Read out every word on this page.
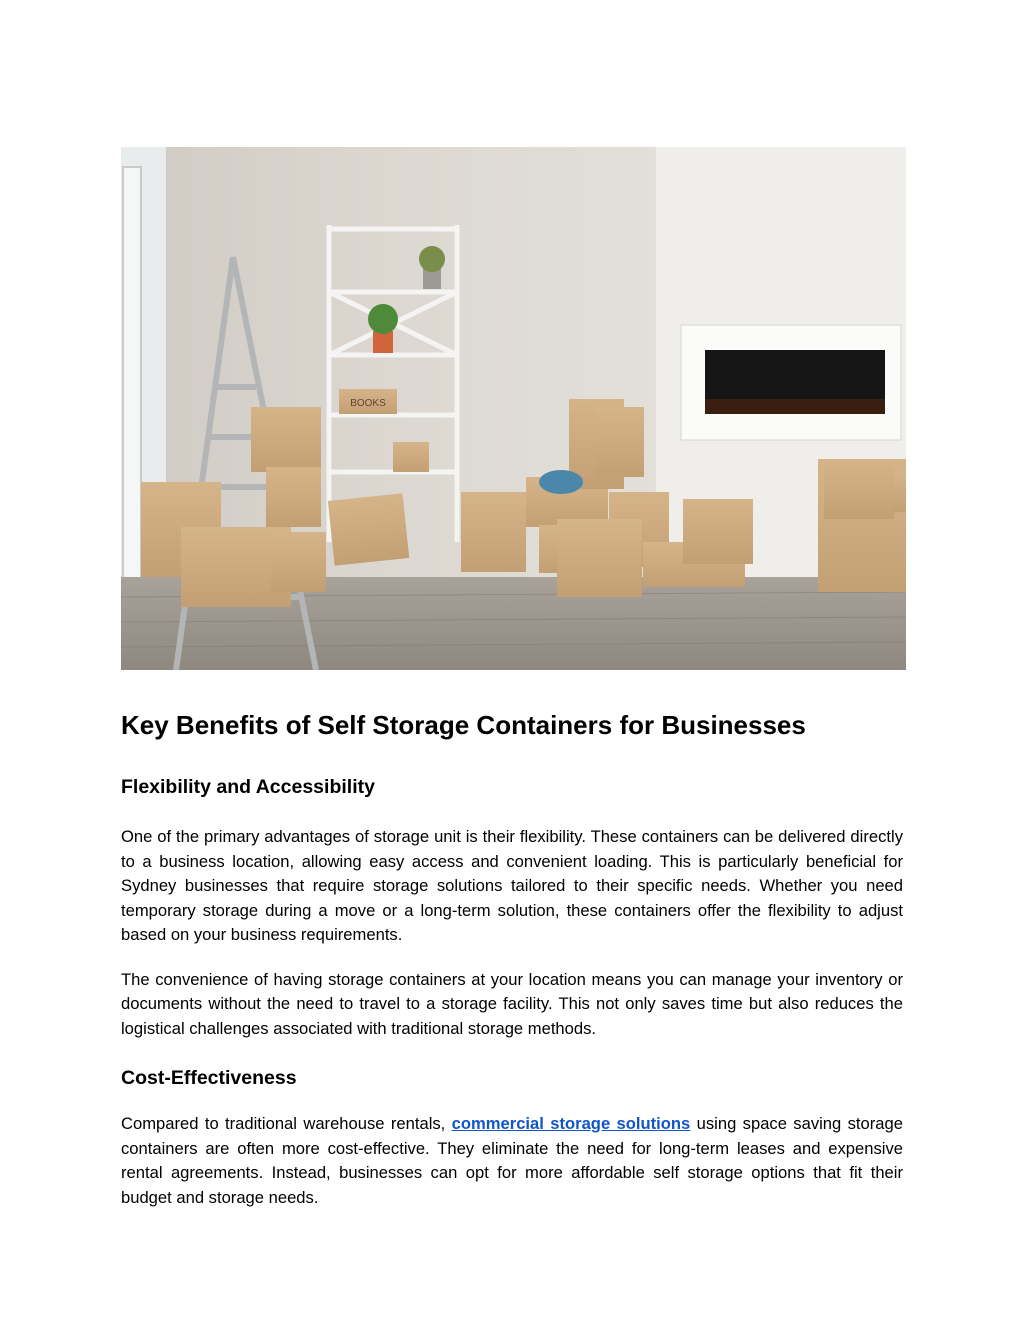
BOOKS
Key Benefits of Self Storage Containers for Businesses
Flexibility and Accessibility

One of the primary advantages of storage unit is their flexibility. These containers can be delivered directly to a business location, allowing easy access and convenient loading. This is particularly beneficial for Sydney businesses that require storage solutions tailored to their specific needs. Whether you need temporary storage during a move or a long-term solution, these containers offer the flexibility to adjust based on your business requirements.

The convenience of having storage containers at your location means you can manage your inventory or documents without the need to travel to a storage facility. This not only saves time but also reduces the logistical challenges associated with traditional storage methods.

Cost-Effectiveness

Compared to traditional warehouse rentals, commercial storage solutions using space saving storage containers are often more cost-effective. They eliminate the need for long-term leases and expensive rental agreements. Instead, businesses can opt for more affordable self storage options that fit their budget and storage needs.
